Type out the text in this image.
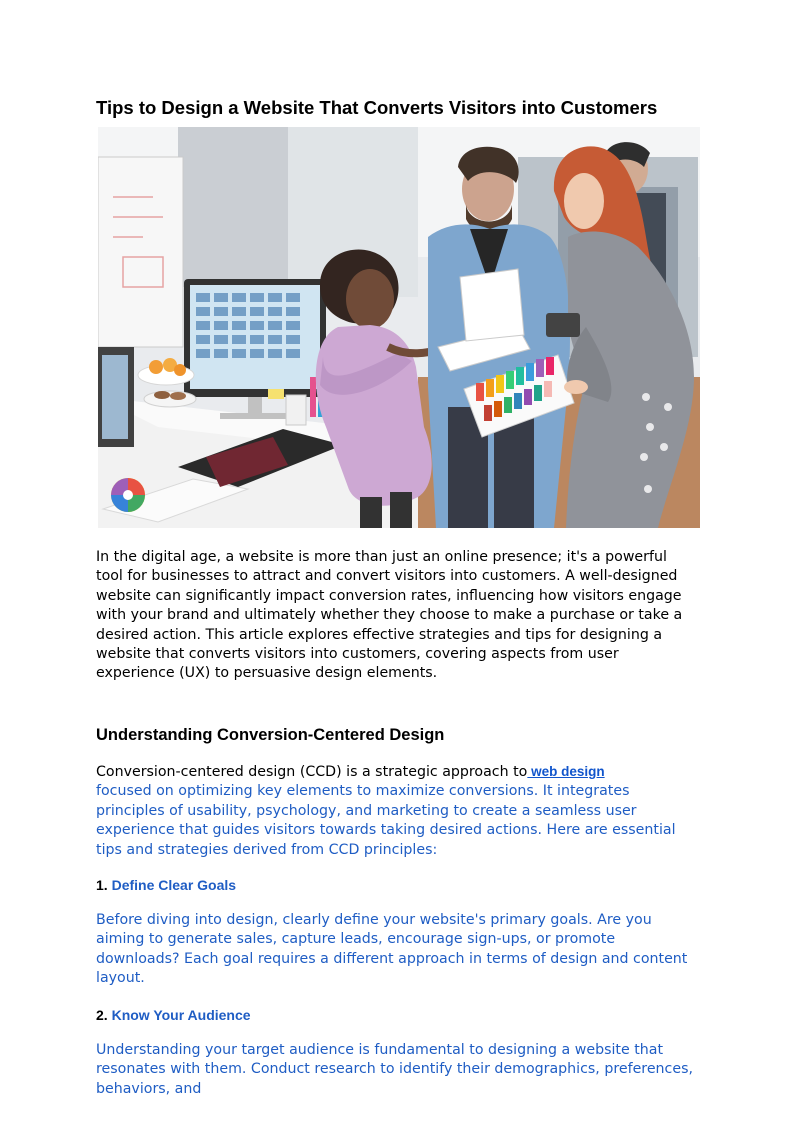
Tips to Design a Website That Converts Visitors into Customers

In the digital age, a website is more than just an online presence; it's a powerful tool for businesses to attract and convert visitors into customers. A well-designed website can significantly impact conversion rates, influencing how visitors engage with your brand and ultimately whether they choose to make a purchase or take a desired action. This article explores effective strategies and tips for designing a website that converts visitors into customers, covering aspects from user experience (UX) to persuasive design elements.

Understanding Conversion-Centered Design

Conversion-centered design (CCD) is a strategic approach to web design
focused on optimizing key elements to maximize conversions. It integrates principles of usability, psychology, and marketing to create a seamless user experience that guides visitors towards taking desired actions. Here are essential tips and strategies derived from CCD principles:

1. Define Clear Goals

Before diving into design, clearly define your website's primary goals. Are you aiming to generate sales, capture leads, encourage sign-ups, or promote downloads? Each goal requires a different approach in terms of design and content layout.

2. Know Your Audience

Understanding your target audience is fundamental to designing a website that resonates with them. Conduct research to identify their demographics, preferences, behaviors, and
